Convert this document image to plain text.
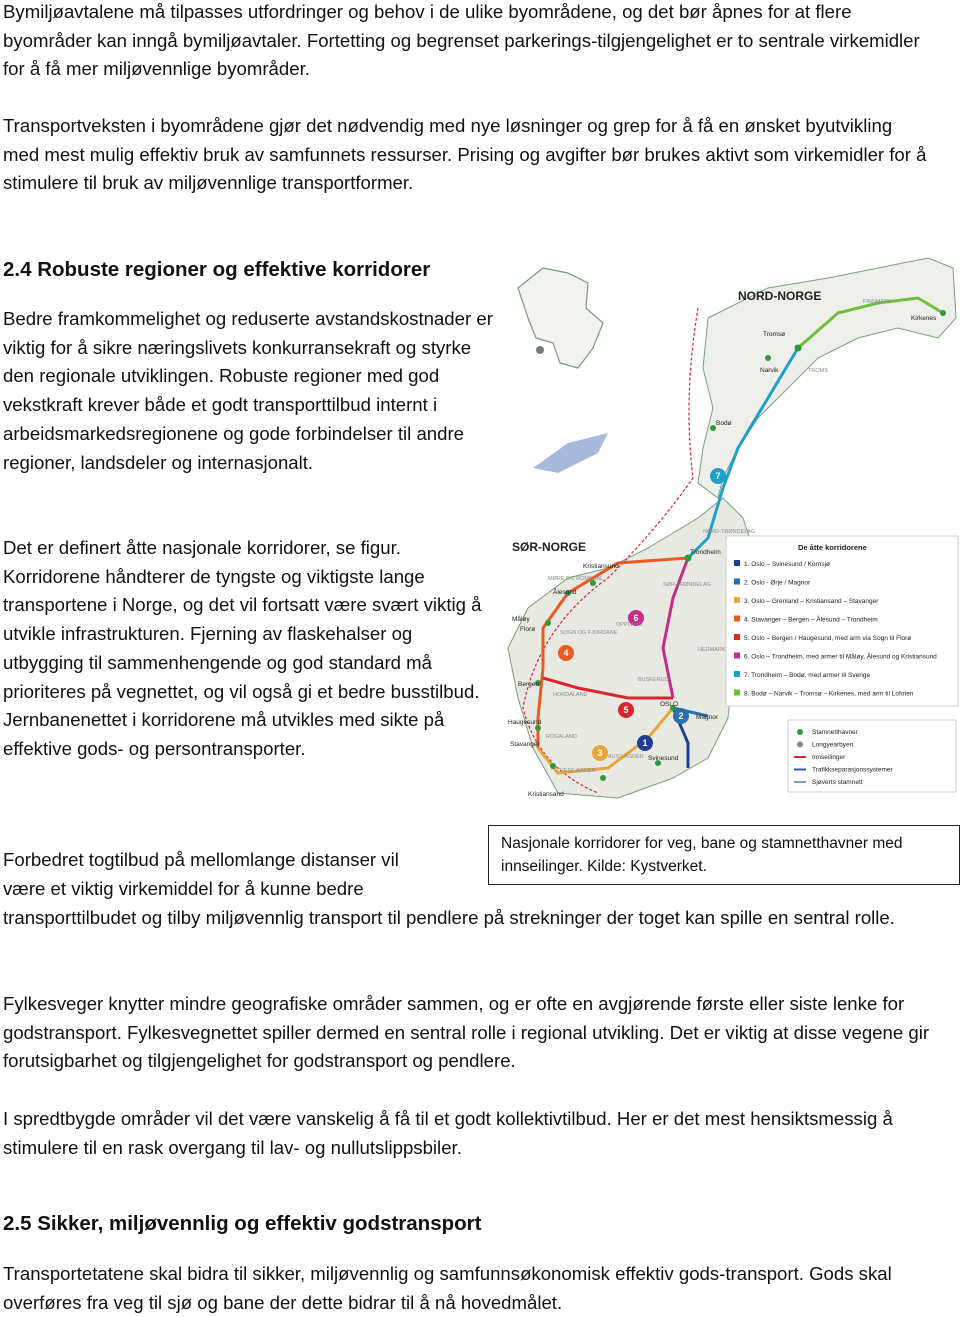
Bymiljøavtalene må tilpasses utfordringer og behov i de ulike byområdene, og det bør åpnes for at flere byområder kan inngå bymiljøavtaler. Fortetting og begrenset parkerings-tilgjengelighet er to sentrale virkemidler for å få mer miljøvennlige byområder.
Transportveksten i byområdene gjør det nødvendig med nye løsninger og grep for å få en ønsket byutvikling med mest mulig effektiv bruk av samfunnets ressurser. Prising og avgifter bør brukes aktivt som virkemidler for å stimulere til bruk av miljøvennlige transportformer.
2.4 Robuste regioner og effektive korridorer
Bedre framkommelighet og reduserte avstandskostnader er viktig for å sikre næringslivets konkurransekraft og styrke den regionale utviklingen. Robuste regioner med god vekstkraft krever både et godt transporttilbud internt i arbeidsmarkedsregionene og gode forbindelser til andre regioner, landsdeler og internasjonalt.
Det er definert åtte nasjonale korridorer, se figur. Korridorene håndterer de tyngste og viktigste lange transportene i Norge, og det vil fortsatt være svært viktig å utvikle infrastrukturen. Fjerning av flaskehalser og utbygging til sammenhengende og god standard må prioriteres på vegnettet, og vil også gi et bedre busstilbud. Jernbanenettet i korridorene må utvikles med sikte på effektive gods- og persontransporter.
7
6
4
5
2
1
3
NORD-NORGE
SØR-NORGE
NORD-TRØNDELAG
SØR-TRØNDELAG
OPPLAND
HEDMARK
BUSKERUD
HORDALAND
SOGN OG FJORDANE
MØRE OG ROMSDAL
ROGALAND
TROMS
FINNMARK
VEST-AGDER
AUST-AGDER
Kirkenes
Tromsø
Narvik
Bodø
Trondheim
Kristiansund
Ålesund
Måløy
Florø
Bergen
Haugesund
Stavanger
Kristiansand
OSLO
Magnor
Svinesund
De åtte korridorene
1. Oslo – Svinesund / Kornsjø
2. Oslo - Ørje / Magnor
3. Oslo – Grenland – Kristiansand – Stavanger
4. Stavanger – Bergen – Ålesund – Trondheim
5. Oslo – Bergen / Haugesund, med arm via Sogn til Florø
6. Oslo – Trondheim, med armer til Måløy, Ålesund og Kristiansund
7. Trondheim – Bodø, med armer til Sverige
8. Bodø – Narvik – Tromsø – Kirkenes, med arm til Lofoten
Stamnetthavner
Longyearbyen
Innseilinger
Trafikkseparasjonssystemer
Sjøverts stamnett
Nasjonale korridorer for veg, bane og stamnetthavner med innseilinger. Kilde: Kystverket.
Forbedret togtilbud på mellomlange distanser vil
være et viktig virkemiddel for å kunne bedre
transporttilbudet og tilby miljøvennlig transport til pendlere på strekninger der toget kan spille en sentral rolle.
Fylkesveger knytter mindre geografiske områder sammen, og er ofte en avgjørende første eller siste lenke for godstransport. Fylkesvegnettet spiller dermed en sentral rolle i regional utvikling. Det er viktig at disse vegene gir forutsigbarhet og tilgjengelighet for godstransport og pendlere.
I spredtbygde områder vil det være vanskelig å få til et godt kollektivtilbud. Her er det mest hensiktsmessig å stimulere til en rask overgang til lav- og nullutslippsbiler.
2.5 Sikker, miljøvennlig og effektiv godstransport
Transportetatene skal bidra til sikker, miljøvennlig og samfunnsøkonomisk effektiv gods-transport. Gods skal overføres fra veg til sjø og bane der dette bidrar til å nå hovedmålet.
